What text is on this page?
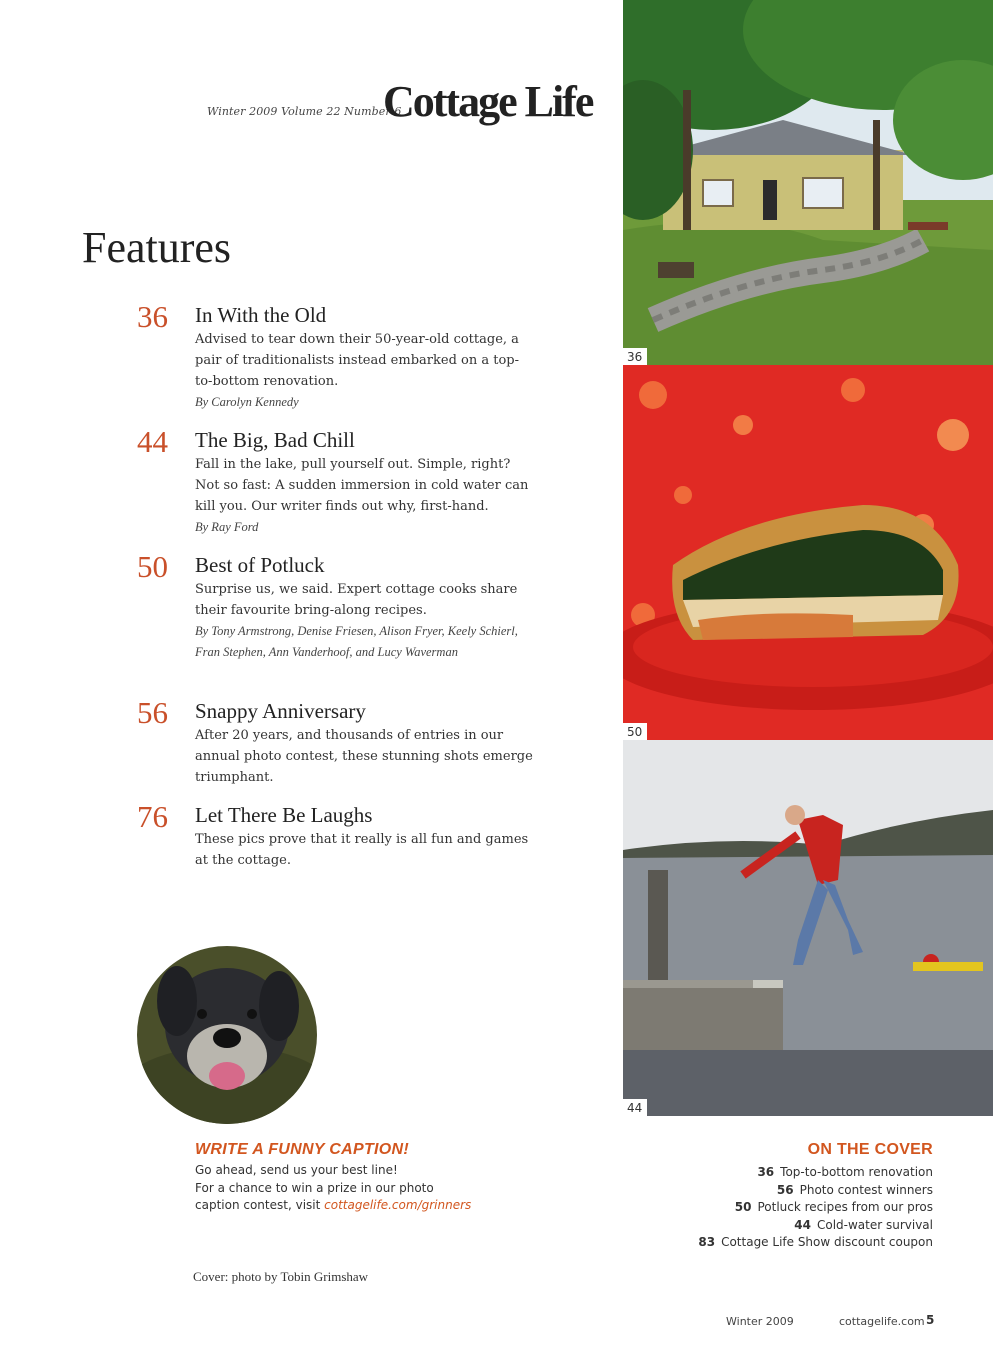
Winter 2009 Volume 22 Number 6
Cottage Life
Features
36 In With the Old
Advised to tear down their 50-year-old cottage, a pair of traditionalists instead embarked on a top-to-bottom renovation.
By Carolyn Kennedy
44 The Big, Bad Chill
Fall in the lake, pull yourself out. Simple, right? Not so fast: A sudden immersion in cold water can kill you. Our writer finds out why, first-hand.
By Ray Ford
50 Best of Potluck
Surprise us, we said. Expert cottage cooks share their favourite bring-along recipes.
By Tony Armstrong, Denise Friesen, Alison Fryer, Keely Schierl, Fran Stephen, Ann Vanderhoof, and Lucy Waverman
56 Snappy Anniversary
After 20 years, and thousands of entries in our annual photo contest, these stunning shots emerge triumphant.
76 Let There Be Laughs
These pics prove that it really is all fun and games at the cottage.
36
50
44
WRITE A FUNNY CAPTION!
Go ahead, send us your best line!
For a chance to win a prize in our photo
caption contest, visit cottagelife.com/grinners
ON THE COVER
36 Top-to-bottom renovation
56 Photo contest winners
50 Potluck recipes from our pros
44 Cold-water survival
83 Cottage Life Show discount coupon
Cover: photo by Tobin Grimshaw
Winter 2009	cottagelife.com 5
